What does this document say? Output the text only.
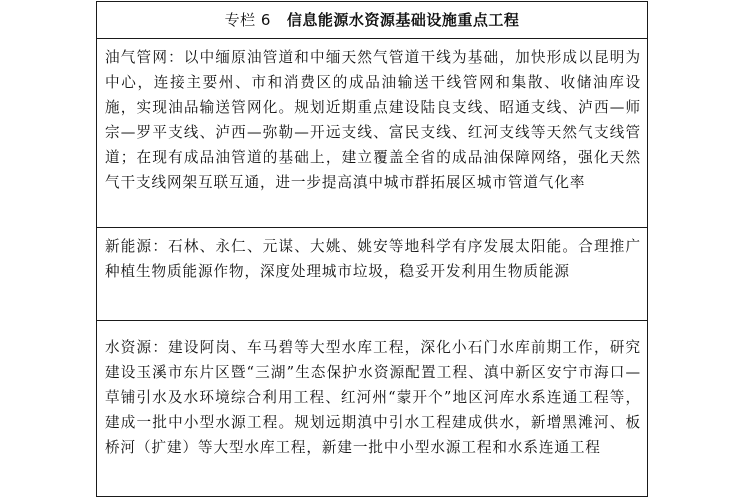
专栏 6 信息能源水资源基础设施重点工程
油气管网：以中缅原油管道和中缅天然气管道干线为基础，加快形成以昆明为中心，连接主要州、市和消费区的成品油输送干线管网和集散、收储油库设施，实现油品输送管网化。规划近期重点建设陆良支线、昭通支线、泸西—师宗—罗平支线、泸西—弥勒—开远支线、富民支线、红河支线等天然气支线管道；在现有成品油管道的基础上，建立覆盖全省的成品油保障网络，强化天然气干支线网架互联互通，进一步提高滇中城市群拓展区城市管道气化率
新能源：石林、永仁、元谋、大姚、姚安等地科学有序发展太阳能。合理推广种植生物质能源作物，深度处理城市垃圾，稳妥开发利用生物质能源
水资源：建设阿岗、车马碧等大型水库工程，深化小石门水库前期工作，研究建设玉溪市东片区暨“三湖”生态保护水资源配置工程、滇中新区安宁市海口—草铺引水及水环境综合利用工程、红河州“蒙开个”地区河库水系连通工程等，建成一批中小型水源工程。规划远期滇中引水工程建成供水，新增黑滩河、板桥河（扩建）等大型水库工程，新建一批中小型水源工程和水系连通工程
